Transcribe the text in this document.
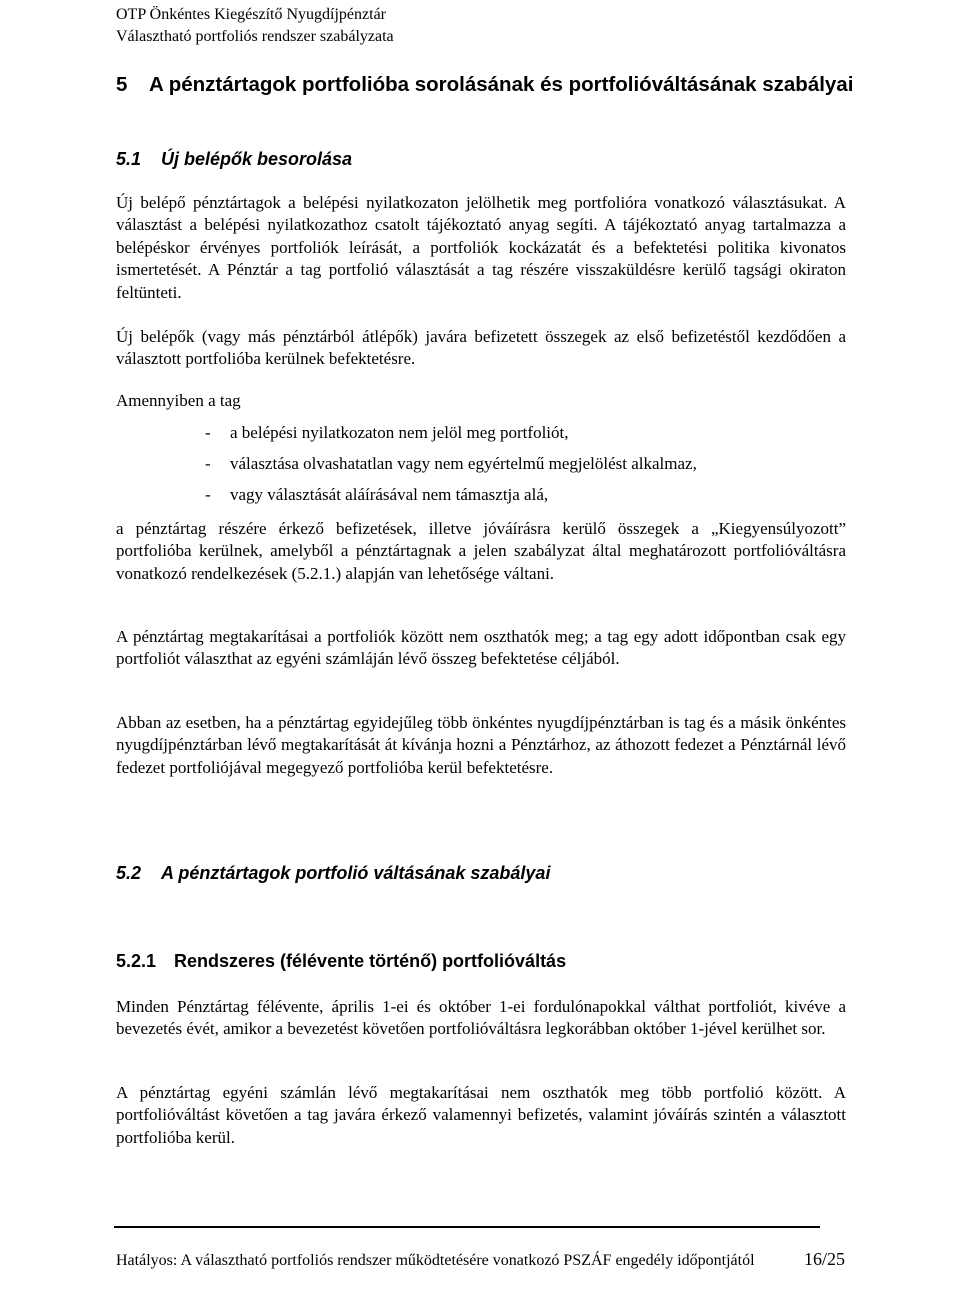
OTP Önkéntes Kiegészítő Nyugdíjpénztár
Választható portfoliós rendszer szabályzata
5 A pénztártagok portfolióba sorolásának és portfolióváltásának szabályai
5.1 Új belépők besorolása

Új belépő pénztártagok a belépési nyilatkozaton jelölhetik meg portfolióra vonatkozó választásukat. A választást a belépési nyilatkozathoz csatolt tájékoztató anyag segíti. A tájékoztató anyag tartalmazza a belépéskor érvényes portfoliók leírását, a portfoliók kockázatát és a befektetési politika kivonatos ismertetését. A Pénztár a tag portfolió választását a tag részére visszaküldésre kerülő tagsági okiraton feltünteti.

Új belépők (vagy más pénztárból átlépők) javára befizetett összegek az első befizetéstől kezdődően a választott portfolióba kerülnek befektetésre.

Amennyiben a tag

- a belépési nyilatkozaton nem jelöl meg portfoliót,
- választása olvashatatlan vagy nem egyértelmű megjelölést alkalmaz,
- vagy választását aláírásával nem támasztja alá,

a pénztártag részére érkező befizetések, illetve jóváírásra kerülő összegek a „Kiegyensúlyozott” portfolióba kerülnek, amelyből a pénztártagnak a jelen szabályzat által meghatározott portfolióváltásra vonatkozó rendelkezések (5.2.1.) alapján van lehetősége váltani.

A pénztártag megtakarításai a portfoliók között nem oszthatók meg; a tag egy adott időpontban csak egy portfoliót választhat az egyéni számláján lévő összeg befektetése céljából.

Abban az esetben, ha a pénztártag egyidejűleg több önkéntes nyugdíjpénztárban is tag és a másik önkéntes nyugdíjpénztárban lévő megtakarítását át kívánja hozni a Pénztárhoz, az áthozott fedezet a Pénztárnál lévő fedezet portfoliójával megegyező portfolióba kerül befektetésre.

5.2 A pénztártagok portfolió váltásának szabályai
5.2.1 Rendszeres (félévente történő) portfolióváltás

Minden Pénztártag félévente, április 1-ei és október 1-ei fordulónapokkal válthat portfoliót, kivéve a bevezetés évét, amikor a bevezetést követően portfolióváltásra legkorábban október 1-jével kerülhet sor.

A pénztártag egyéni számlán lévő megtakarításai nem oszthatók meg több portfolió között. A portfolióváltást követően a tag javára érkező valamennyi befizetés, valamint jóváírás szintén a választott portfolióba kerül.

Hatályos: A választható portfoliós rendszer működtetésére vonatkozó PSZÁF engedély időpontjától	16/25
